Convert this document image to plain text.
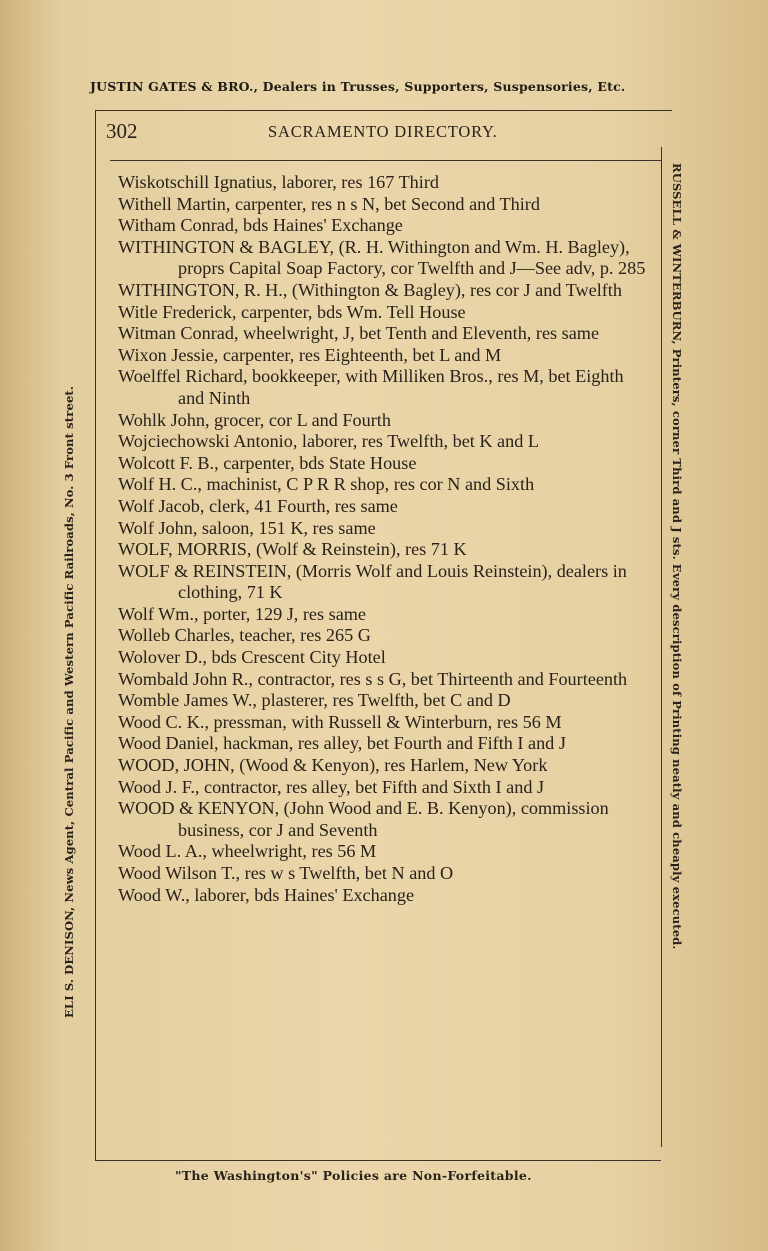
JUSTIN GATES & BRO., Dealers in Trusses, Supporters, Suspensories, Etc.
302	SACRAMENTO DIRECTORY.
ELI S. DENISON, News Agent, Central Pacific and Western Pacific Railroads, No. 3 Front street.	RUSSELL & WINTERBURN, Printers, corner Third and J sts. Every description of Printing neatly and cheaply executed.
Wiskotschill Ignatius, laborer, res 167 Third
Withell Martin, carpenter, res n s N, bet Second and Third
Witham Conrad, bds Haines' Exchange
WITHINGTON & BAGLEY, (R. H. Withington and Wm. H. Bagley), proprs Capital Soap Factory, cor Twelfth and J—See adv, p. 285
WITHINGTON, R. H., (Withington & Bagley), res cor J and Twelfth
Witle Frederick, carpenter, bds Wm. Tell House
Witman Conrad, wheelwright, J, bet Tenth and Eleventh, res same
Wixon Jessie, carpenter, res Eighteenth, bet L and M
Woelffel Richard, bookkeeper, with Milliken Bros., res M, bet Eighth and Ninth
Wohlk John, grocer, cor L and Fourth
Wojciechowski Antonio, laborer, res Twelfth, bet K and L
Wolcott F. B., carpenter, bds State House
Wolf H. C., machinist, C P R R shop, res cor N and Sixth
Wolf Jacob, clerk, 41 Fourth, res same
Wolf John, saloon, 151 K, res same
WOLF, MORRIS, (Wolf & Reinstein), res 71 K
WOLF & REINSTEIN, (Morris Wolf and Louis Reinstein), dealers in clothing, 71 K
Wolf Wm., porter, 129 J, res same
Wolleb Charles, teacher, res 265 G
Wolover D., bds Crescent City Hotel
Wombald John R., contractor, res s s G, bet Thirteenth and Fourteenth
Womble James W., plasterer, res Twelfth, bet C and D
Wood C. K., pressman, with Russell & Winterburn, res 56 M
Wood Daniel, hackman, res alley, bet Fourth and Fifth I and J
WOOD, JOHN, (Wood & Kenyon), res Harlem, New York
Wood J. F., contractor, res alley, bet Fifth and Sixth I and J
WOOD & KENYON, (John Wood and E. B. Kenyon), commission business, cor J and Seventh
Wood L. A., wheelwright, res 56 M
Wood Wilson T., res w s Twelfth, bet N and O
Wood W., laborer, bds Haines' Exchange
"The Washington's" Policies are Non-Forfeitable.
